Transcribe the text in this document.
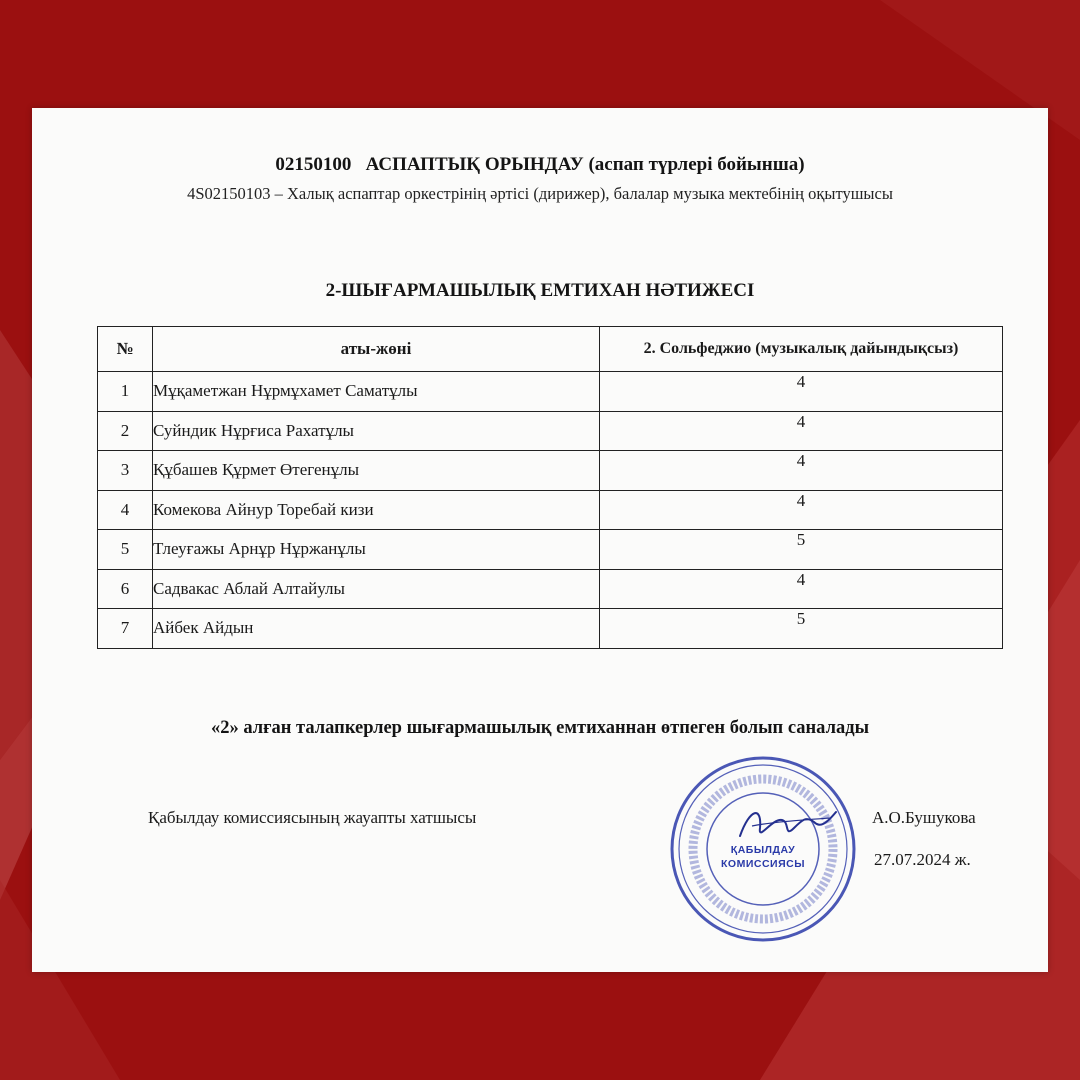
02150100   АСПАПТЫҚ ОРЫНДАУ (аспап түрлері бойынша)
4S02150103 – Халық аспаптар оркестрінің әртісі (дирижер), балалар музыка мектебінің оқытушысы
2-ШЫҒАРМАШЫЛЫҚ ЕМТИХАН НӘТИЖЕСІ
№	аты-жөні	2. Сольфеджио (музыкалық дайындықсыз)
1	Мұқаметжан Нұрмұхамет Саматұлы	4
2	Суйндик Нұрғиса Рахатұлы	4
3	Құбашев Құрмет Өтегенұлы	4
4	Комекова Айнур Торебай кизи	4
5	Тлеуғажы Арнұр Нұржанұлы	5
6	Садвакас Аблай Алтайулы	4
7	Айбек Айдын	5
«2» алған талапкерлер шығармашылық емтиханнан өтпеген болып саналады
Қабылдау комиссиясының жауапты хатшысы
ҚАБЫЛДАУ
КОМИССИЯСЫ
А.О.Бушукова
27.07.2024 ж.
